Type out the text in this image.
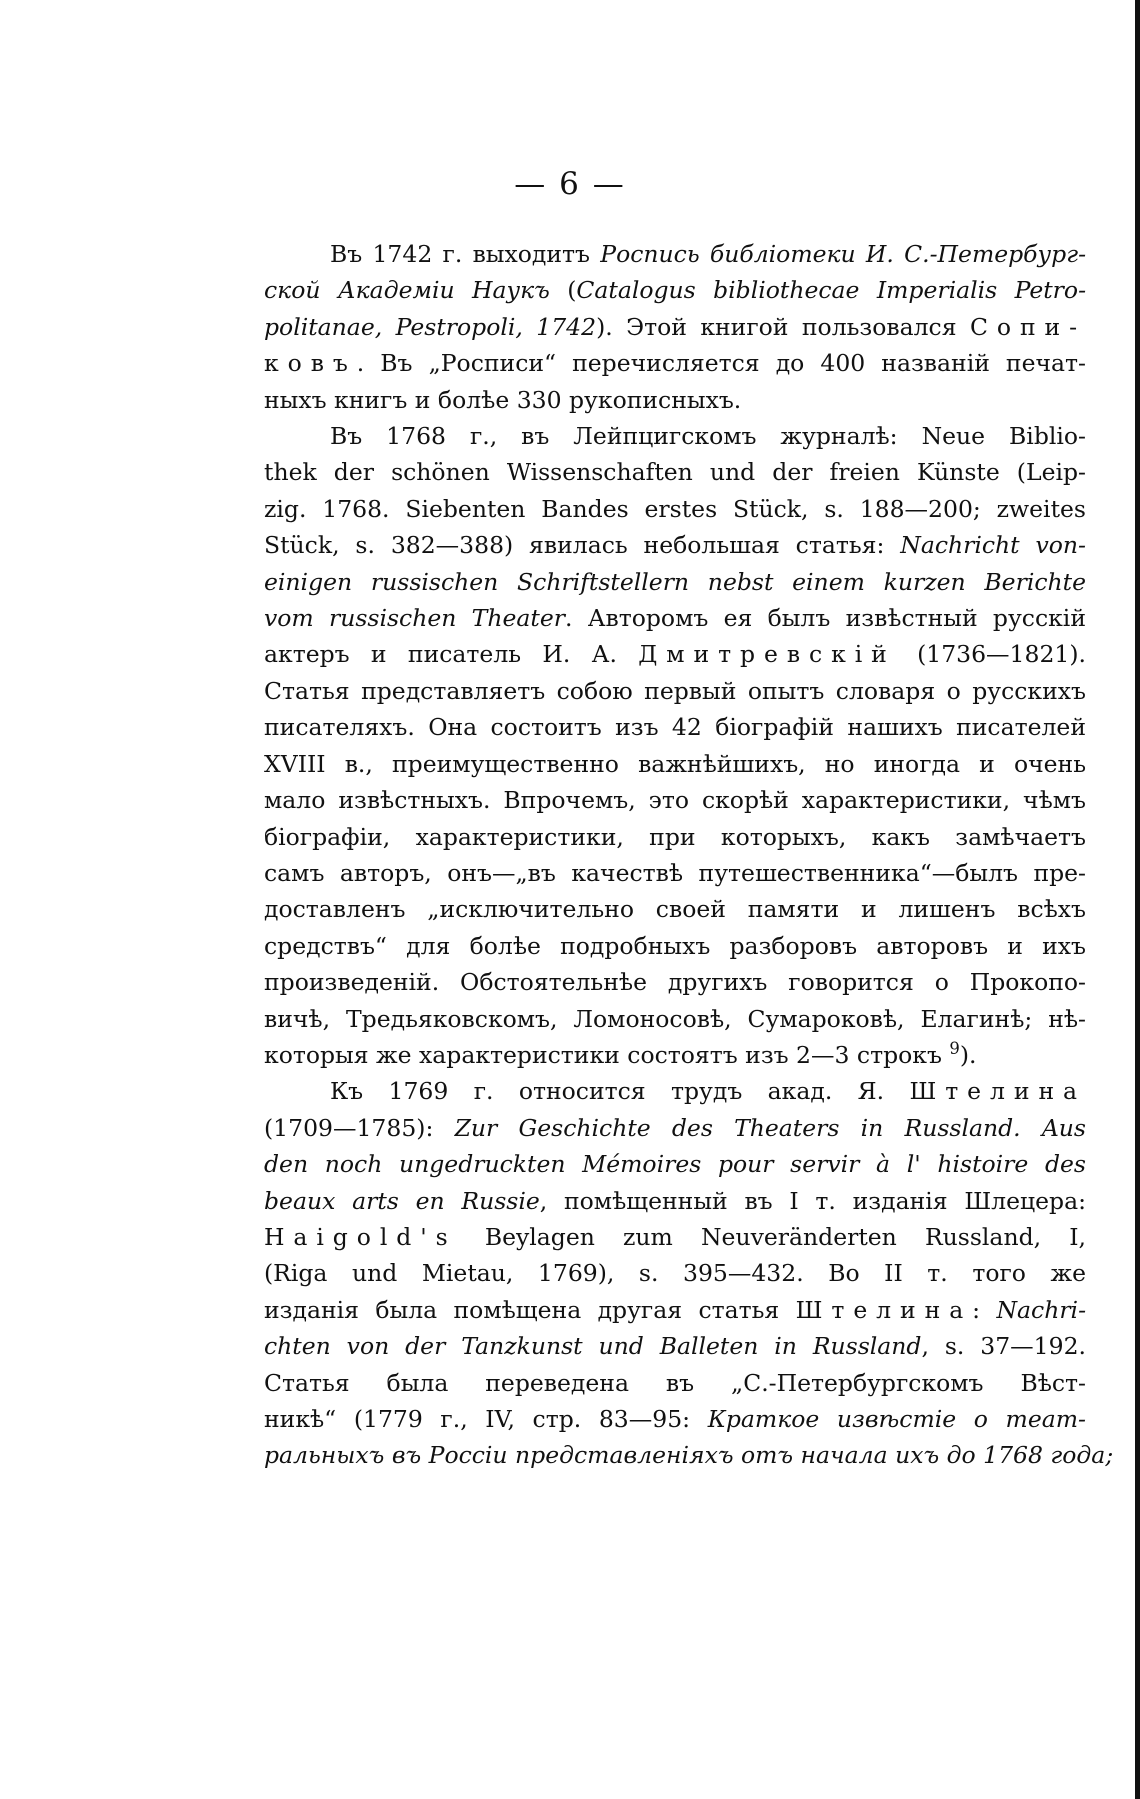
— 6 —

Въ 1742 г. выходитъ Роспись библіотеки И. С.-Петербург-
ской Академіи Наукъ (Catalogus bibliothecae Imperialis Petro-
politanae, Pestropoli, 1742). Этой книгой пользовался Сопи-
ковъ. Въ „Росписи“ перечисляется до 400 названій печат-
ныхъ книгъ и болѣе 330 рукописныхъ.

Въ 1768 г., въ Лейпцигскомъ журналѣ: Neue Biblio-
thek der schönen Wissenschaften und der freien Künste (Leip-
zig. 1768. Siebenten Bandes erstes Stück, s. 188—200; zweites
Stück, s. 382—388) явилась небольшая статья: Nachricht von-
einigen russischen Schriftstellern nebst einem kurzen Berichte
vom russischen Theater. Авторомъ ея былъ извѣстный русскій
актеръ и писатель И. А. Дмитревскій (1736—1821).
Статья представляетъ собою первый опытъ словаря о русскихъ
писателяхъ. Она состоитъ изъ 42 біографій нашихъ писателей
XVIII в., преимущественно важнѣйшихъ, но иногда и очень
мало извѣстныхъ. Впрочемъ, это скорѣй характеристики, чѣмъ
біографіи, характеристики, при которыхъ, какъ замѣчаетъ
самъ авторъ, онъ—„въ качествѣ путешественника“—былъ пре-
доставленъ „исключительно своей памяти и лишенъ всѣхъ
средствъ“ для болѣе подробныхъ разборовъ авторовъ и ихъ
произведеній. Обстоятельнѣе другихъ говорится о Прокопо-
вичѣ, Тредьяковскомъ, Ломоносовѣ, Сумароковѣ, Елагинѣ; нѣ-
которыя же характеристики состоятъ изъ 2—3 строкъ $^9$).

Къ 1769 г. относится трудъ акад. Я. Штелина
(1709—1785): Zur Geschichte des Theaters in Russland. Aus
den noch ungedruckten Mémoires pour servir à l' histoire des
beaux arts en Russie, помѣщенный въ I т. изданія Шлецера:
Haigold's Beylagen zum Neuveränderten Russland, I,
(Riga und Mietau, 1769), s. 395—432. Во II т. того же
изданія была помѣщена другая статья Штелина: Nachri-
chten von der Tanzkunst und Balleten in Russland, s. 37—192.
Статья была переведена въ „С.-Петербургскомъ Вѣст-
никѣ“ (1779 г., IV, стр. 83—95: Краткое извѣстіе о теат-
ральныхъ въ Россіи представленіяхъ отъ начала ихъ до 1768 года;
